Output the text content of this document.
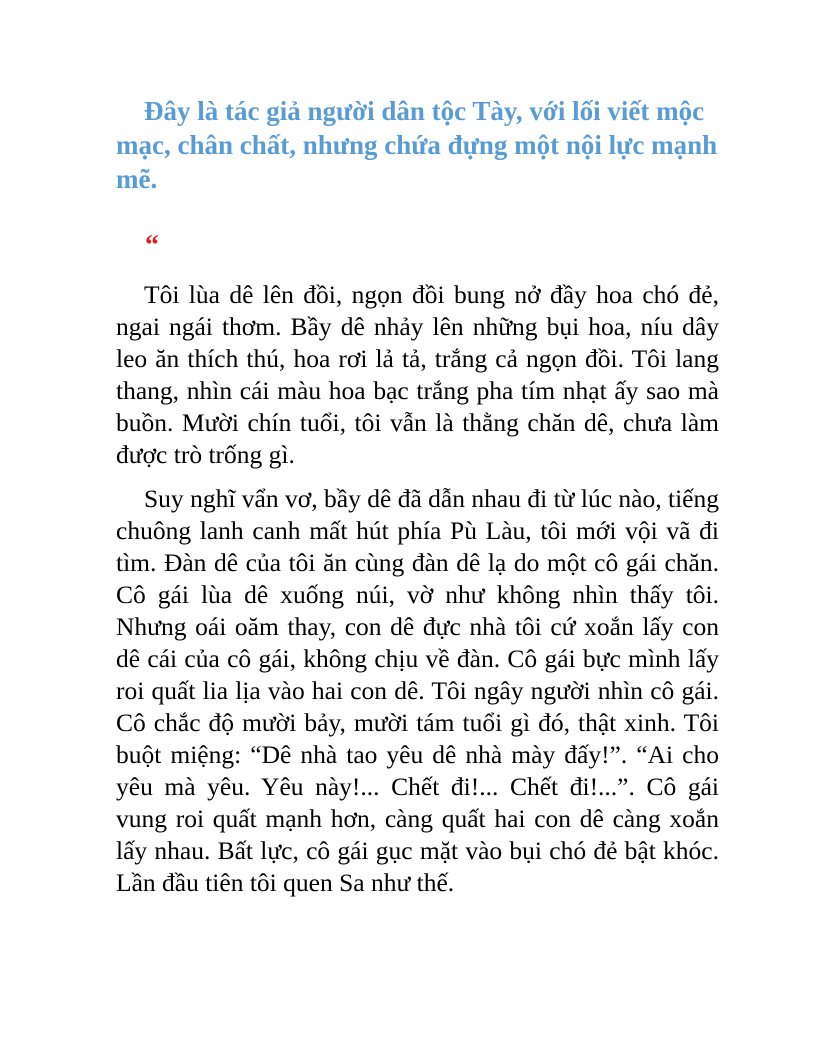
Đây là tác giả người dân tộc Tày, với lối viết mộc mạc, chân chất, nhưng chứa đựng một nội lực mạnh mẽ.

“

Tôi lùa dê lên đồi, ngọn đồi bung nở đầy hoa chó đẻ, ngai ngái thơm. Bầy dê nhảy lên những bụi hoa, níu dây leo ăn thích thú, hoa rơi lả tả, trắng cả ngọn đồi. Tôi lang thang, nhìn cái màu hoa bạc trắng pha tím nhạt ấy sao mà buồn. Mười chín tuổi, tôi vẫn là thằng chăn dê, chưa làm được trò trống gì.

Suy nghĩ vẩn vơ, bầy dê đã dẫn nhau đi từ lúc nào, tiếng chuông lanh canh mất hút phía Pù Làu, tôi mới vội vã đi tìm. Đàn dê của tôi ăn cùng đàn dê lạ do một cô gái chăn. Cô gái lùa dê xuống núi, vờ như không nhìn thấy tôi. Nhưng oái oăm thay, con dê đực nhà tôi cứ xoắn lấy con dê cái của cô gái, không chịu về đàn. Cô gái bực mình lấy roi quất lia lịa vào hai con dê. Tôi ngây người nhìn cô gái. Cô chắc độ mười bảy, mười tám tuổi gì đó, thật xinh. Tôi buột miệng: “Dê nhà tao yêu dê nhà mày đấy!”. “Ai cho yêu mà yêu. Yêu này!... Chết đi!... Chết đi!...”. Cô gái vung roi quất mạnh hơn, càng quất hai con dê càng xoắn lấy nhau. Bất lực, cô gái gục mặt vào bụi chó đẻ bật khóc. Lần đầu tiên tôi quen Sa như thế.
